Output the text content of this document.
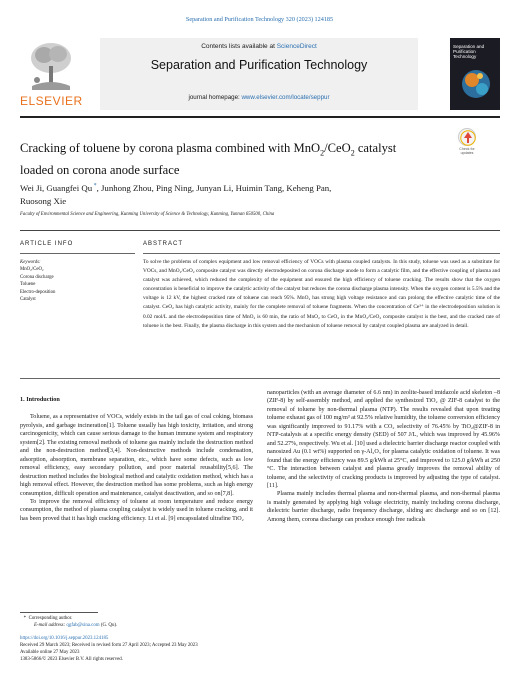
Separation and Purification Technology 320 (2023) 124185
ELSEVIER
Contents lists available at ScienceDirect
Separation and Purification Technology
journal homepage: www.elsevier.com/locate/seppur
Separation and Purification Technology
Cracking of toluene by corona plasma combined with MnO$_2$/CeO$_2$ catalyst
loaded on corona anode surface
Check for updates
Wei Ji, Guangfei Qu *, Junhong Zhou, Ping Ning, Junyan Li, Huimin Tang, Keheng Pan,
Ruosong Xie
Faculty of Environmental Science and Engineering, Kunming University of Science & Technology, Kunming, Yunnan 650500, China
ARTICLE INFO	ABSTRACT
Keywords:
MnO₂/CeO₂
Corona discharge
Toluene
Electro-deposition
Catalyst
To solve the problems of complex equipment and low removal efficiency of VOCs with plasma coupled catalysts. In this study, toluene was used as a substitute for VOCs, and MnO₂/CeO₂ composite catalyst was directly electrodeposited on corona discharge anode to form a catalytic film, and the effective coupling of plasma and catalyst was achieved, which reduced the complexity of the equipment and ensured the high efficiency of toluene cracking. The results show that the oxygen concentration is beneficial to improve the catalytic activity of the catalyst but reduces the corona discharge plasma intensity. When the oxygen content is 5.5% and the voltage is 12 kV, the highest cracked rate of toluene can reach 95%. MnO₂ has strong high voltage resistance and can prolong the effective catalytic time of the catalyst. CeO₂ has high catalytic activity, mainly for the complete removal of toluene fragments. When the concentration of Ce³⁺ in the electrodeposition solution is 0.02 mol/L and the electrodeposition time of MnO₂ is 60 min, the ratio of MnO₂ to CeO₂ in the MnO₂/CeO₂ composite catalyst is the best, and the cracked rate of toluene is the best. Finally, the plasma discharge in this system and the mechanism of toluene removal by catalyst coupled plasma are analyzed in detail.
1. Introduction

Toluene, as a representative of VOCs, widely exists in the tail gas of coal coking, biomass pyrolysis, and garbage incineration[1]. Toluene usually has high toxicity, irritation, and strong carcinogenicity, which can cause serious damage to the human immune system and respiratory system[2]. The existing removal methods of toluene gas mainly include the destruction method and the non-destruction method[3,4]. Non-destructive methods include condensation, adsorption, absorption, membrane separation, etc., which have some defects, such as low removal efficiency, easy secondary pollution, and poor material reusability[5,6]. The destruction method includes the biological method and catalytic oxidation method, which has a high removal effect. However, the destruction method has some problems, such as high energy consumption, difficult operation and maintenance, catalyst deactivation, and so on[7,8].

To improve the removal efficiency of toluene at room temperature and reduce energy consumption, the method of plasma coupling catalyst is widely used in toluene cracking, and it has been proved that it has high cracking efficiency. Li et al. [9] encapsulated ultrafine TiO₂

nanoparticles (with an average diameter of 6.6 nm) in zeolite-based imidazole acid skeleton –8 (ZIF-8) by self-assembly method, and applied the synthesized TiO₂ @ ZIF-8 catalyst to the removal of toluene by non-thermal plasma (NTP). The results revealed that upon treating toluene exhaust gas of 100 mg/m³ at 92.5% relative humidity, the toluene conversion efficiency was significantly improved to 91.17% with a CO₂ selectivity of 76.45% by TiO₂@ZIF-8 in NTP-catalysis at a specific energy density (SED) of 507 J/L, which was improved by 45.96% and 52.27%, respectively. Wu et al. [10] used a dielectric barrier discharge reactor coupled with nanosized Au (0.1 wt%) supported on γ-Al₂O₃ for plasma catalytic oxidation of toluene. It was found that the energy efficiency was 89.5 g/kWh at 25°C, and improved to 125.0 g/kWh at 250 °C. The interaction between catalyst and plasma greatly improves the removal ability of toluene, and the selectivity of cracking products is improved by adjusting the type of catalyst. [11].

Plasma mainly includes thermal plasma and non-thermal plasma, and non-thermal plasma is mainly generated by applying high voltage electricity, mainly including corona discharge, dielectric barrier discharge, radio frequency discharge, sliding arc discharge and so on [12]. Among them, corona discharge can produce enough free radicals

*  Corresponding author.
E-mail address: qgfab@sina.com (G. Qu).
https://doi.org/10.1016/j.seppur.2023.124185
Received 29 March 2023; Received in revised form 27 April 2023; Accepted 23 May 2023
Available online 27 May 2023
1383-5866/© 2023 Elsevier B.V. All rights reserved.
